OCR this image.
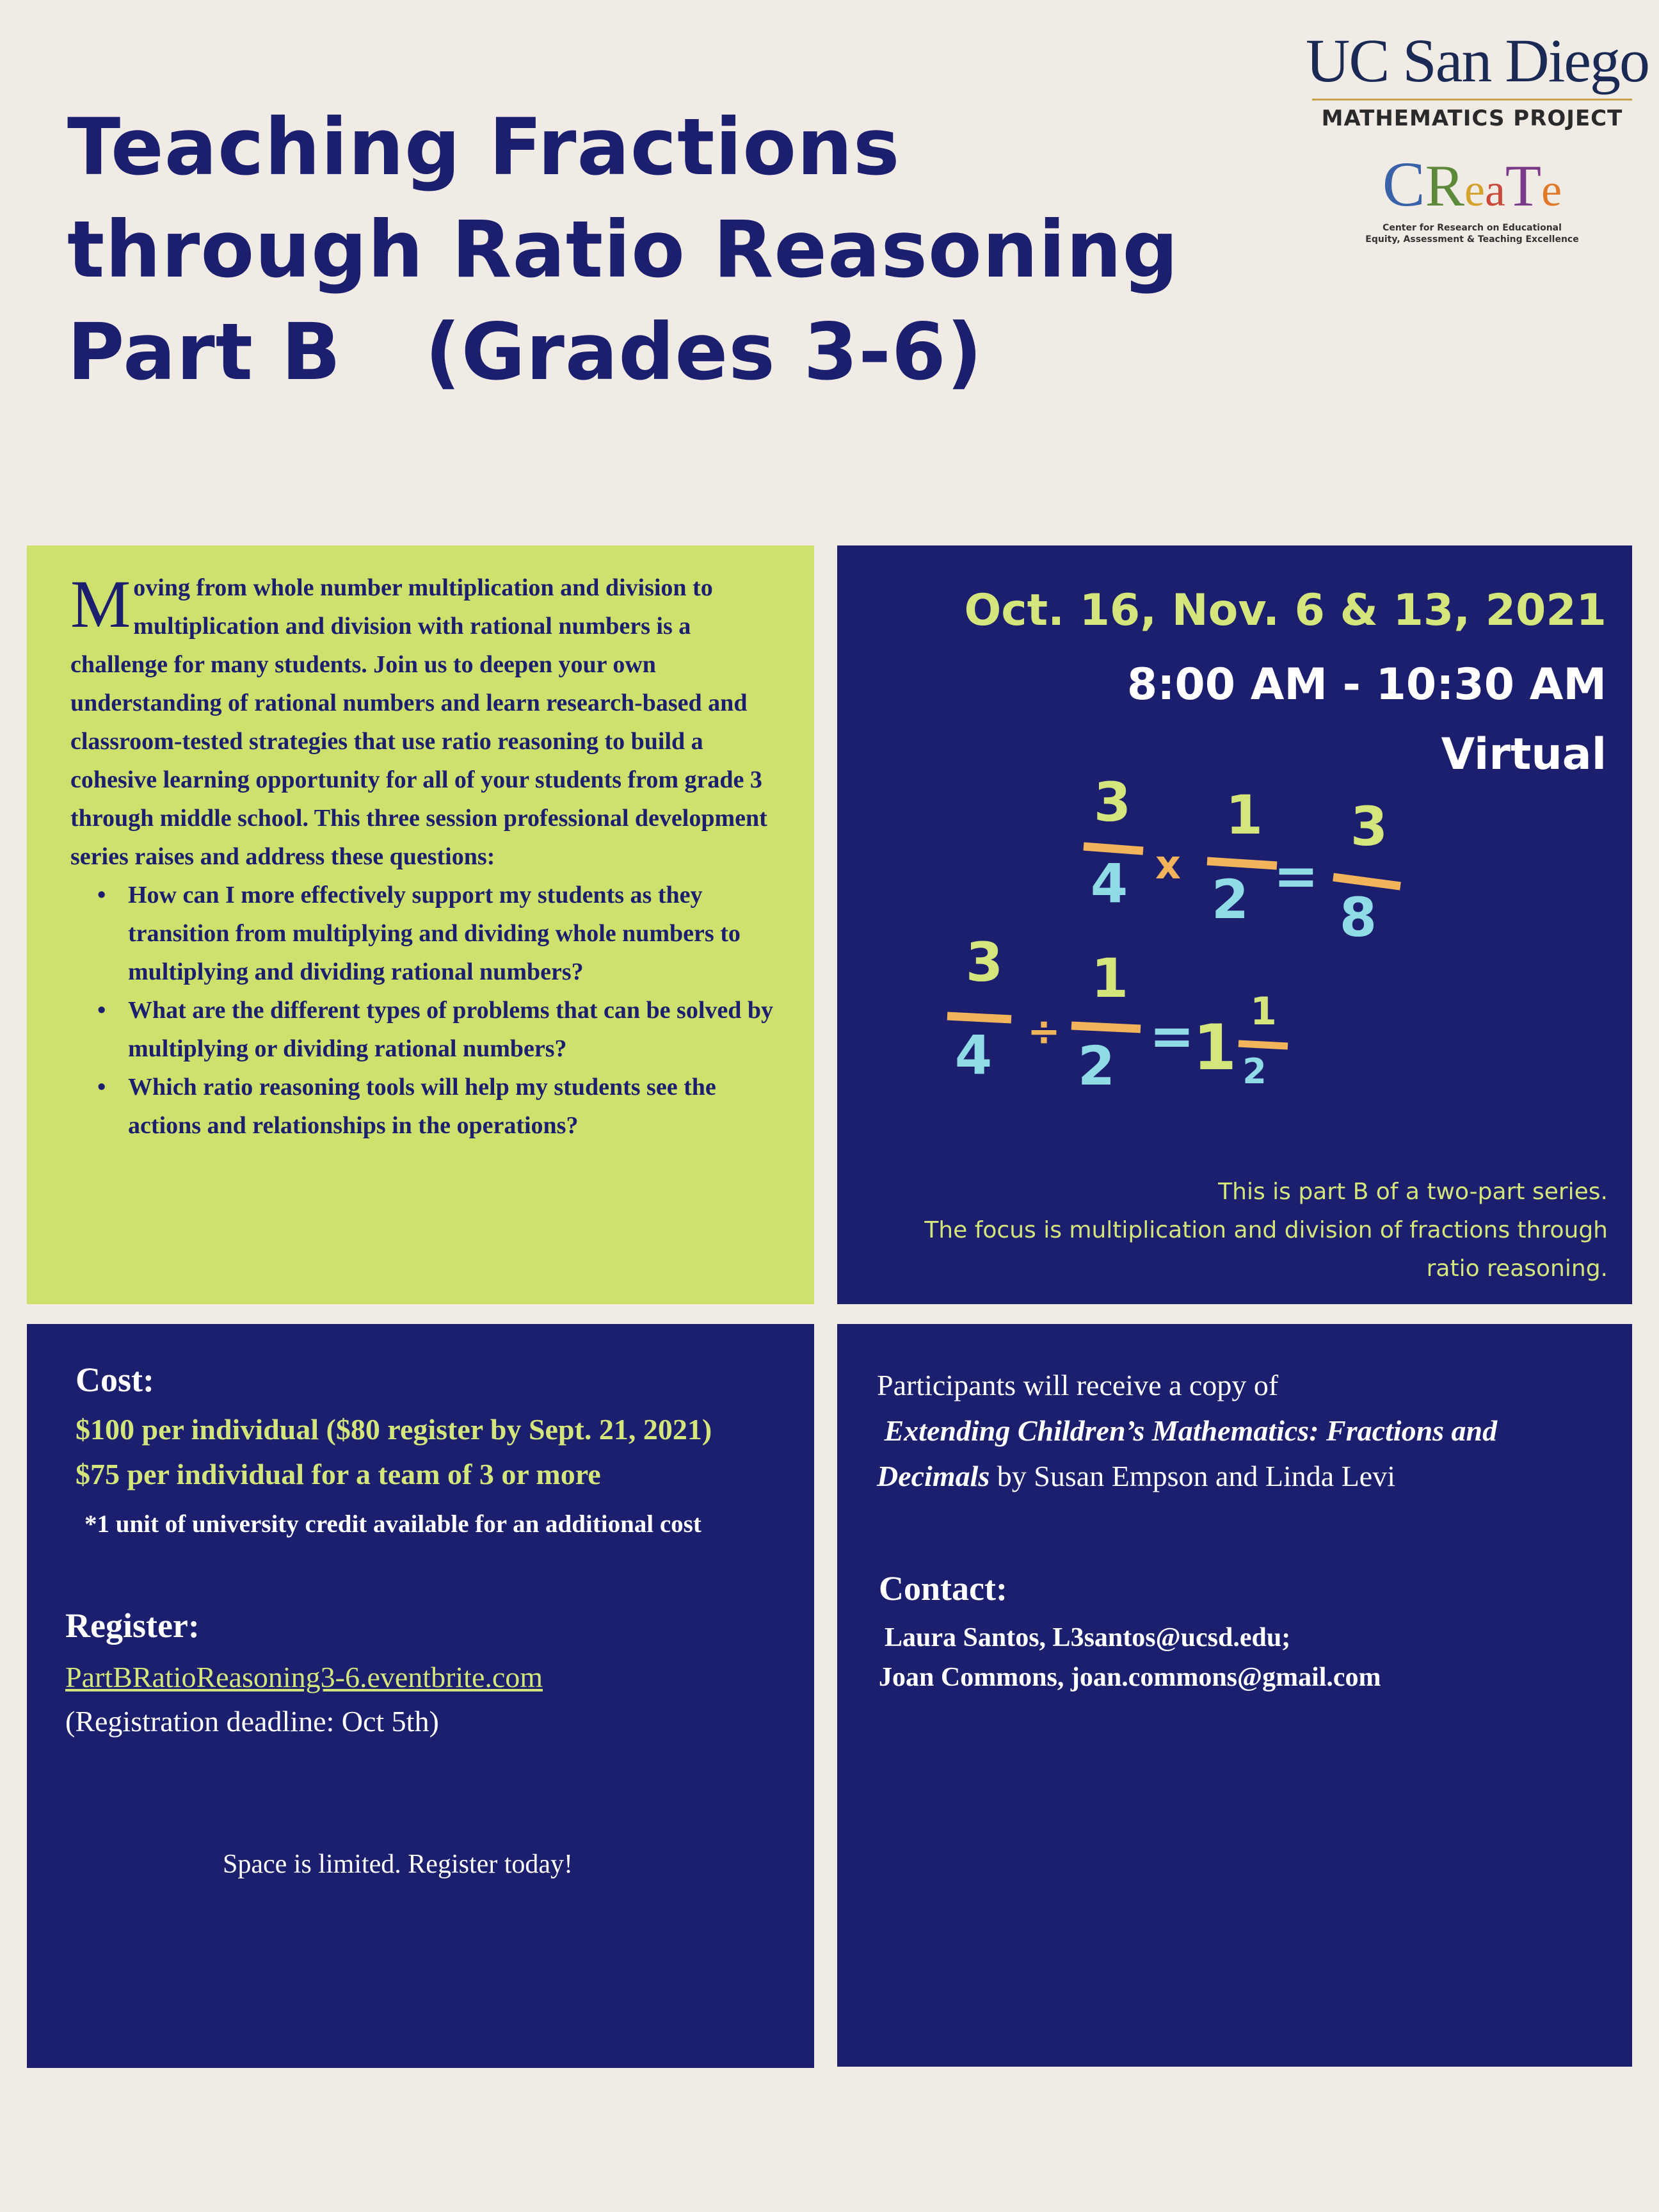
Teaching Fractions
through Ratio Reasoning
Part B   (Grades 3-6)
UC San Diego
MATHEMATICS PROJECT
CReaTe
Center for Research on Educational
Equity, Assessment & Teaching Excellence
Moving from whole number multiplication and division to multiplication and division with rational numbers is a challenge for many students. Join us to deepen your own understanding of rational numbers and learn research-based and classroom-tested strategies that use ratio reasoning to build a cohesive learning opportunity for all of your students from grade 3 through middle school. This three session professional development series raises and address these questions:
• How can I more effectively support my students as they transition from multiplying and dividing whole numbers to multiplying and dividing rational numbers?
• What are the different types of problems that can be solved by multiplying or dividing rational numbers?
• Which ratio reasoning tools will help my students see the actions and relationships in the operations?
Oct. 16, Nov. 6 & 13, 2021
8:00 AM - 10:30 AM
Virtual
3
4 x
1
2 =
3
8
3
4 ÷
1
2 =
1 1
2
This is part B of a two-part series.
The focus is multiplication and division of fractions through ratio reasoning.
Cost:
$100 per individual ($80 register by Sept. 21, 2021)
$75 per individual for a team of 3 or more
*1 unit of university credit available for an additional cost
Register:
PartBRatioReasoning3-6.eventbrite.com
(Registration deadline: Oct 5th)
Space is limited. Register today!
Participants will receive a copy of
Extending Children’s Mathematics: Fractions and Decimals by Susan Empson and Linda Levi
Contact:
Laura Santos, L3santos@ucsd.edu;
Joan Commons, joan.commons@gmail.com
